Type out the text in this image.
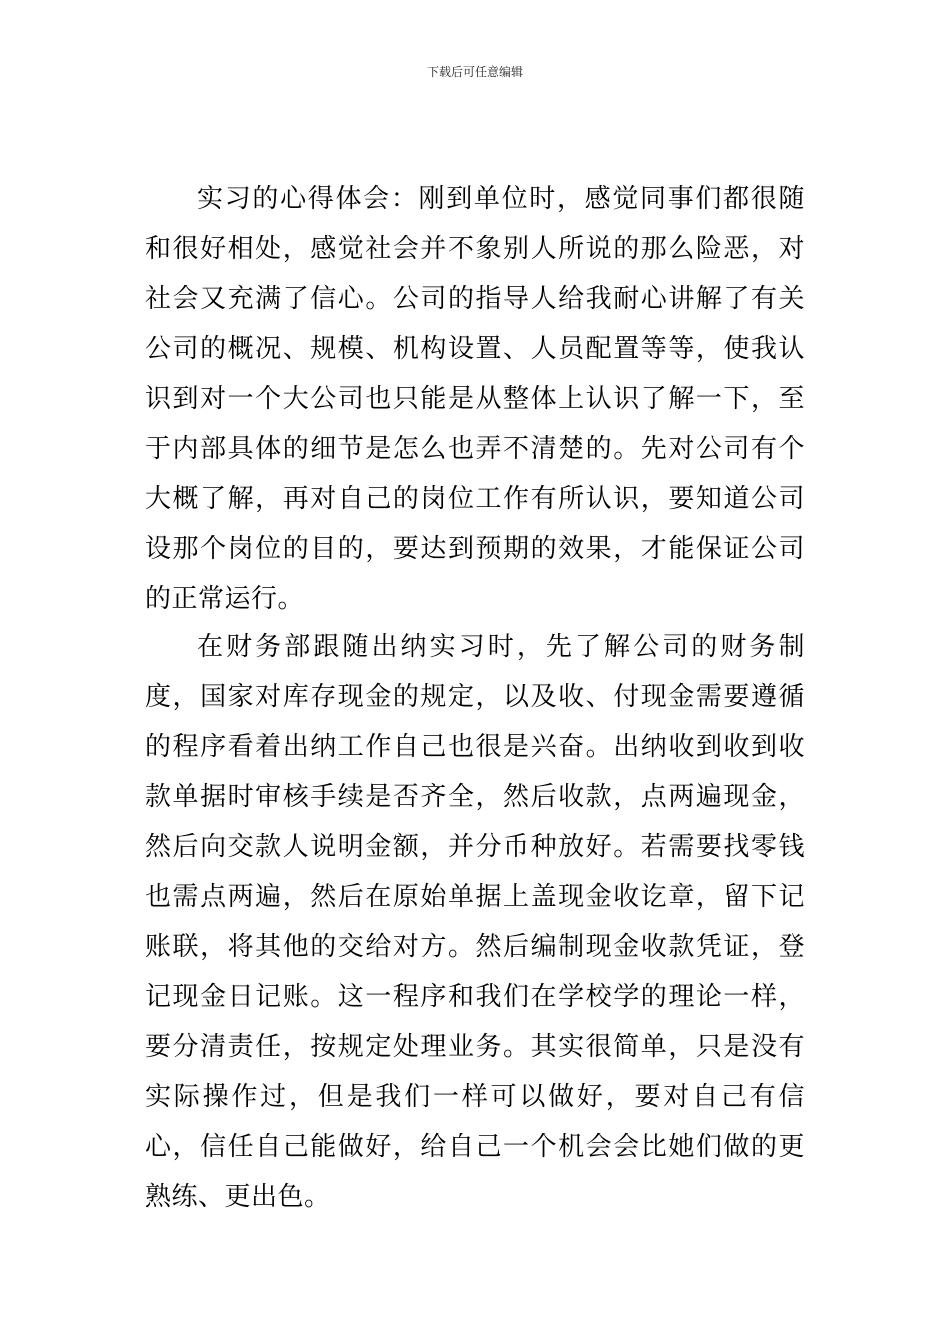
下载后可任意编辑

实习的心得体会：刚到单位时，感觉同事们都很随和很好相处，感觉社会并不象别人所说的那么险恶，对社会又充满了信心。公司的指导人给我耐心讲解了有关公司的概况、规模、机构设置、人员配置等等，使我认识到对一个大公司也只能是从整体上认识了解一下，至于内部具体的细节是怎么也弄不清楚的。先对公司有个大概了解，再对自己的岗位工作有所认识，要知道公司设那个岗位的目的，要达到预期的效果，才能保证公司的正常运行。

在财务部跟随出纳实习时，先了解公司的财务制度，国家对库存现金的规定，以及收、付现金需要遵循的程序看着出纳工作自己也很是兴奋。出纳收到收到收款单据时审核手续是否齐全，然后收款，点两遍现金，然后向交款人说明金额，并分币种放好。若需要找零钱也需点两遍，然后在原始单据上盖现金收讫章，留下记账联，将其他的交给对方。然后编制现金收款凭证，登记现金日记账。这一程序和我们在学校学的理论一样，要分清责任，按规定处理业务。其实很简单，只是没有实际操作过，但是我们一样可以做好，要对自己有信心，信任自己能做好，给自己一个机会会比她们做的更熟练、更出色。
